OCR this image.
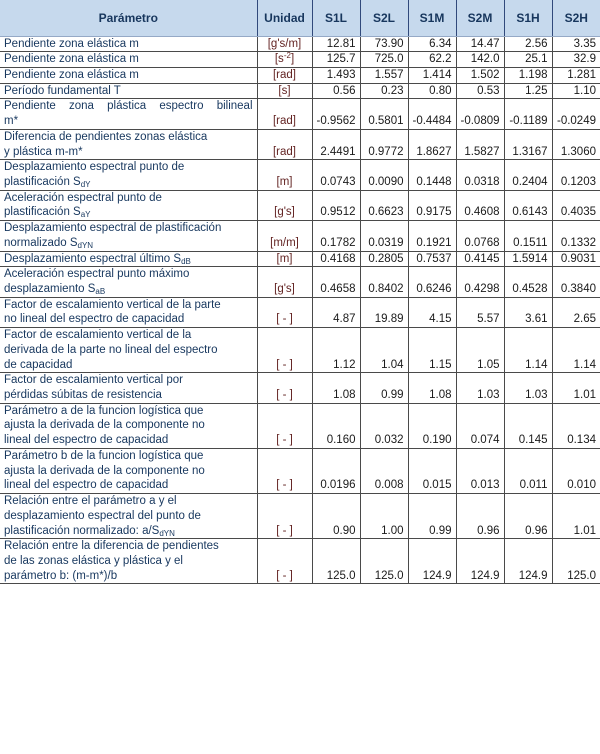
Parámetro	Unidad	S1L	S2L	S1M	S2M	S1H	S2H

Pendiente zona elástica m	[g's/m]	12.81	73.90	6.34	14.47	2.56	3.35

Pendiente zona elástica m	$[s^{-2}]$	125.7	725.0	62.2	142.0	25.1	32.9

Pendiente zona elástica m	[rad]	1.493	1.557	1.414	1.502	1.198	1.281

Período fundamental T	[s]	0.56	0.23	0.80	0.53	1.25	1.10

Pendiente zona plástica espectro bilineal
m*	[rad]	-0.9562	0.5801	-0.4484	-0.0809	-0.1189	-0.0249

Diferencia de pendientes zonas elástica
y plástica m-m*	[rad]	2.4491	0.9772	1.8627	1.5827	1.3167	1.3060

Desplazamiento espectral punto de
plastificación SdY	[m]	0.0743	0.0090	0.1448	0.0318	0.2404	0.1203

Aceleración espectral punto de
plastificación SaY	[g's]	0.9512	0.6623	0.9175	0.4608	0.6143	0.4035

Desplazamiento espectral de plastificación
normalizado SdYN	[m/m]	0.1782	0.0319	0.1921	0.0768	0.1511	0.1332

Desplazamiento espectral último SdB	[m]	0.4168	0.2805	0.7537	0.4145	1.5914	0.9031

Aceleración espectral punto máximo
desplazamiento SaB	[g's]	0.4658	0.8402	0.6246	0.4298	0.4528	0.3840

Factor de escalamiento vertical de la parte
no lineal del espectro de capacidad	[ - ]	4.87	19.89	4.15	5.57	3.61	2.65

Factor de escalamiento vertical de la
derivada de la parte no lineal del espectro
de capacidad	[ - ]	1.12	1.04	1.15	1.05	1.14	1.14

Factor de escalamiento vertical por
pérdidas súbitas de resistencia	[ - ]	1.08	0.99	1.08	1.03	1.03	1.01

Parámetro a de la funcion logística que
ajusta la derivada de la componente no
lineal del espectro de capacidad	[ - ]	0.160	0.032	0.190	0.074	0.145	0.134

Parámetro b de la funcion logística que
ajusta la derivada de la componente no
lineal del espectro de capacidad	[ - ]	0.0196	0.008	0.015	0.013	0.011	0.010

Relación entre el parámetro a y el
desplazamiento espectral del punto de
plastificación normalizado: a/SdYN	[ - ]	0.90	1.00	0.99	0.96	0.96	1.01

Relación entre la diferencia de pendientes
de las zonas elástica y plástica y el
parámetro b: (m-m*)/b	[ - ]	125.0	125.0	124.9	124.9	124.9	125.0
